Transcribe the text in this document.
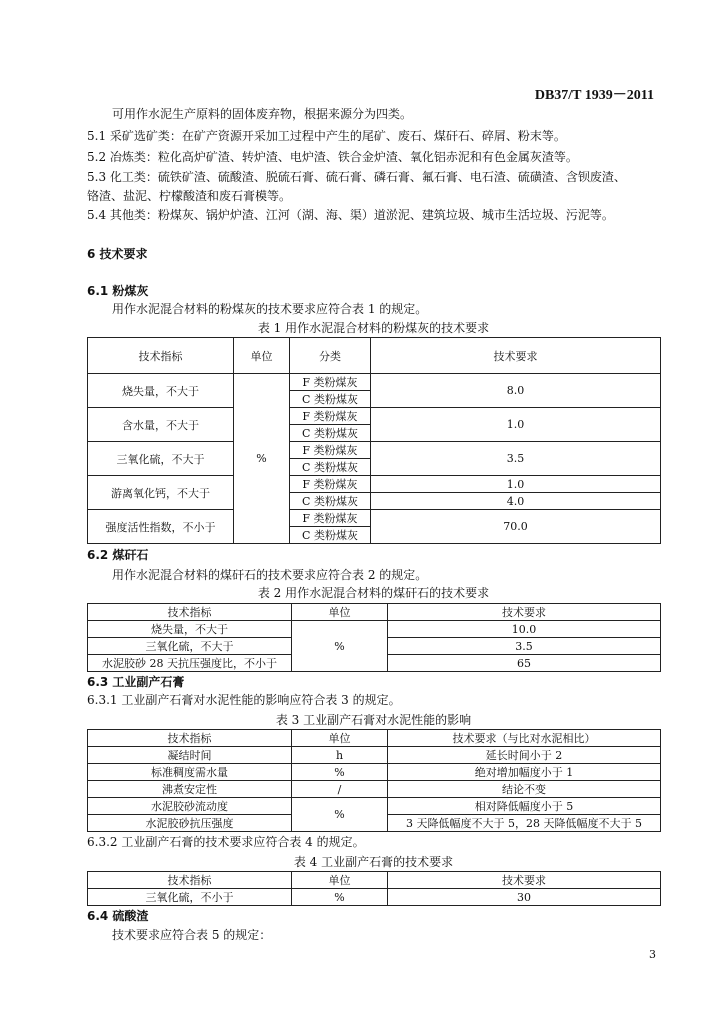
DB37/T 1939－2011
可用作水泥生产原料的固体废弃物，根据来源分为四类。
5.1 采矿选矿类：在矿产资源开采加工过程中产生的尾矿、废石、煤矸石、碎屑、粉末等。
5.2 冶炼类：粒化高炉矿渣、转炉渣、电炉渣、铁合金炉渣、氧化铝赤泥和有色金属灰渣等。
5.3 化工类：硫铁矿渣、硫酸渣、脱硫石膏、硫石膏、磷石膏、氟石膏、电石渣、硫磺渣、含钡废渣、
铬渣、盐泥、柠檬酸渣和废石膏模等。
5.4 其他类：粉煤灰、锅炉炉渣、江河（湖、海、渠）道淤泥、建筑垃圾、城市生活垃圾、污泥等。
6 技术要求
6.1 粉煤灰
用作水泥混合材料的粉煤灰的技术要求应符合表 1 的规定。
表 1 用作水泥混合材料的粉煤灰的技术要求
技术指标	单位	分类	技术要求
烧失量，不大于	%	F 类粉煤灰	8.0
		C 类粉煤灰	
含水量，不大于		F 类粉煤灰	1.0
		C 类粉煤灰	
三氧化硫，不大于		F 类粉煤灰	3.5
		C 类粉煤灰	
游离氧化钙，不大于		F 类粉煤灰	1.0
		C 类粉煤灰	4.0
强度活性指数，不小于		F 类粉煤灰	70.0
		C 类粉煤灰	
6.2 煤矸石
用作水泥混合材料的煤矸石的技术要求应符合表 2 的规定。
表 2 用作水泥混合材料的煤矸石的技术要求
技术指标	单位	技术要求
烧失量，不大于	%	10.0
三氧化硫，不大于		3.5
水泥胶砂 28 天抗压强度比，不小于		65
6.3 工业副产石膏
6.3.1 工业副产石膏对水泥性能的影响应符合表 3 的规定。
表 3 工业副产石膏对水泥性能的影响
技术指标	单位	技术要求（与比对水泥相比）
凝结时间	h	延长时间小于 2
标准稠度需水量	%	绝对增加幅度小于 1
沸煮安定性	/	结论不变
水泥胶砂流动度	%	相对降低幅度小于 5
水泥胶砂抗压强度		3 天降低幅度不大于 5，28 天降低幅度不大于 5
6.3.2 工业副产石膏的技术要求应符合表 4 的规定。
表 4 工业副产石膏的技术要求
技术指标	单位	技术要求
三氧化硫，不小于	%	30
6.4 硫酸渣
技术要求应符合表 5 的规定：
3
